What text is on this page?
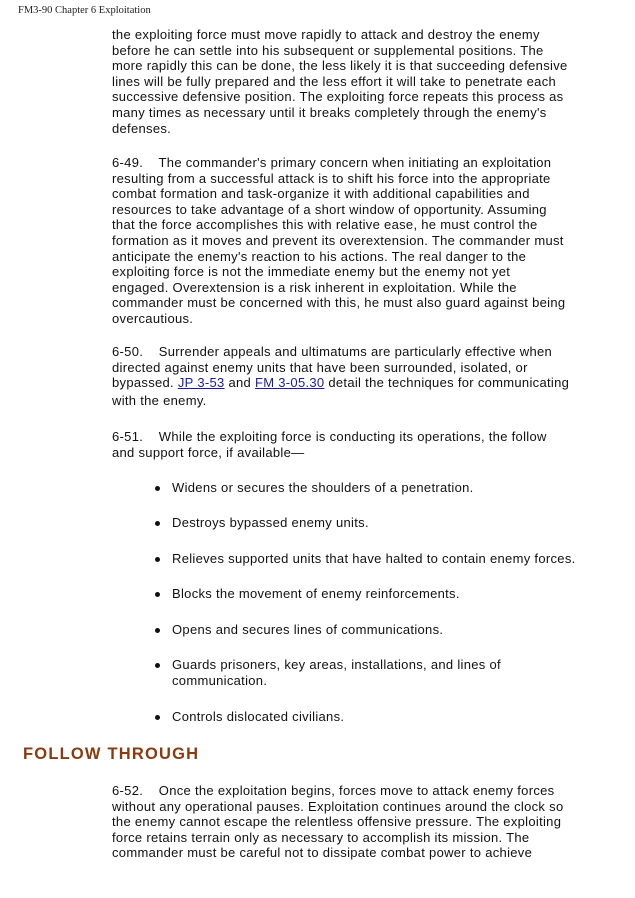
FM3-90 Chapter 6 Exploitation
the exploiting force must move rapidly to attack and destroy the enemy
before he can settle into his subsequent or supplemental positions. The
more rapidly this can be done, the less likely it is that succeeding defensive
lines will be fully prepared and the less effort it will take to penetrate each
successive defensive position. The exploiting force repeats this process as
many times as necessary until it breaks completely through the enemy's
defenses.
6-49.    The commander's primary concern when initiating an exploitation
resulting from a successful attack is to shift his force into the appropriate
combat formation and task-organize it with additional capabilities and
resources to take advantage of a short window of opportunity. Assuming
that the force accomplishes this with relative ease, he must control the
formation as it moves and prevent its overextension. The commander must
anticipate the enemy's reaction to his actions. The real danger to the
exploiting force is not the immediate enemy but the enemy not yet
engaged. Overextension is a risk inherent in exploitation. While the
commander must be concerned with this, he must also guard against being
overcautious.
6-50.    Surrender appeals and ultimatums are particularly effective when
directed against enemy units that have been surrounded, isolated, or
bypassed. JP 3-53 and FM 3-05.30 detail the techniques for communicating
with the enemy.
6-51.    While the exploiting force is conducting its operations, the follow
and support force, if available—
Widens or secures the shoulders of a penetration.
Destroys bypassed enemy units.
Relieves supported units that have halted to contain enemy forces.
Blocks the movement of enemy reinforcements.
Opens and secures lines of communications.
Guards prisoners, key areas, installations, and lines of
communication.
Controls dislocated civilians.
FOLLOW THROUGH
6-52.    Once the exploitation begins, forces move to attack enemy forces
without any operational pauses. Exploitation continues around the clock so
the enemy cannot escape the relentless offensive pressure. The exploiting
force retains terrain only as necessary to accomplish its mission. The
commander must be careful not to dissipate combat power to achieve
